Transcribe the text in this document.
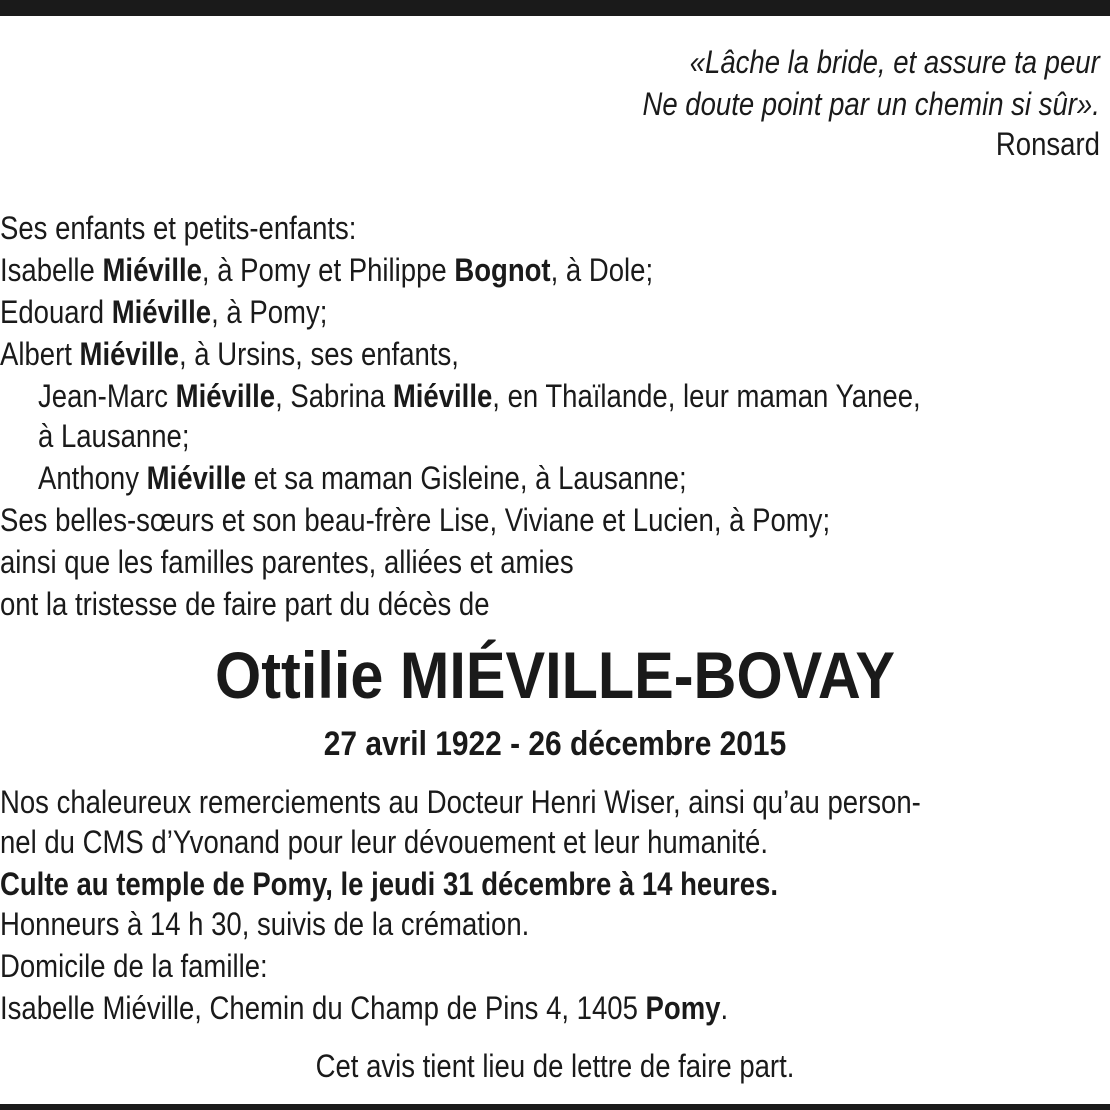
«Lâche la bride, et assure ta peur
Ne doute point par un chemin si sûr».
Ronsard
Ses enfants et petits-enfants:
Isabelle Miéville, à Pomy et Philippe Bognot, à Dole;
Edouard Miéville, à Pomy;
Albert Miéville, à Ursins, ses enfants,
Jean-Marc Miéville, Sabrina Miéville, en Thaïlande, leur maman Yanee,
à Lausanne;
Anthony Miéville et sa maman Gisleine, à Lausanne;
Ses belles-sœurs et son beau-frère Lise, Viviane et Lucien, à Pomy;
ainsi que les familles parentes, alliées et amies
ont la tristesse de faire part du décès de
Ottilie MIÉVILLE-BOVAY
27 avril 1922 - 26 décembre 2015
Nos chaleureux remerciements au Docteur Henri Wiser, ainsi qu’au person-
nel du CMS d’Yvonand pour leur dévouement et leur humanité.
Culte au temple de Pomy, le jeudi 31 décembre à 14 heures.
Honneurs à 14 h 30, suivis de la crémation.
Domicile de la famille:
Isabelle Miéville, Chemin du Champ de Pins 4, 1405 Pomy.
Cet avis tient lieu de lettre de faire part.
